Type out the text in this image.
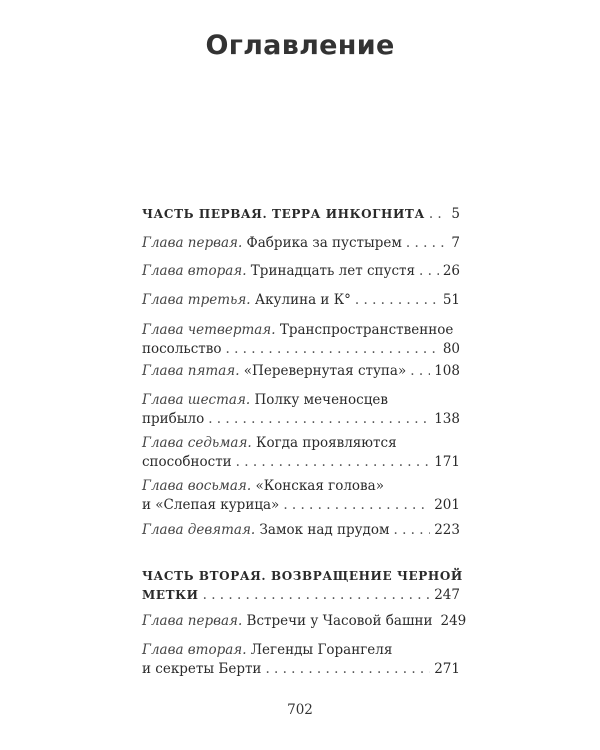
Оглавление
ЧАСТЬ ПЕРВАЯ. ТЕРРА ИНКОГНИТА . . . 5
Глава первая. Фабрика за пустырем . . .	7
Глава вторая. Тринадцать лет спустя . . . 26
Глава третья. Акулина и К° . . .	51
Глава четвертая. Транспространственное
посольство . . .	80
Глава пятая. «Перевернутая ступа» . . . 108
Глава шестая. Полку меченосцев
прибыло . . .	138
Глава седьмая. Когда проявляются
способности . . .	171
Глава восьмая. «Конская голова»
и «Слепая курица» . . .	201
Глава девятая. Замок над прудом . . .	223
ЧАСТЬ ВТОРАЯ. ВОЗВРАЩЕНИЕ ЧЕРНОЙ
МЕТКИ . . .	247
Глава первая. Встречи у Часовой башни 249
Глава вторая. Легенды Горангеля
и секреты Берти . . .	271
702
